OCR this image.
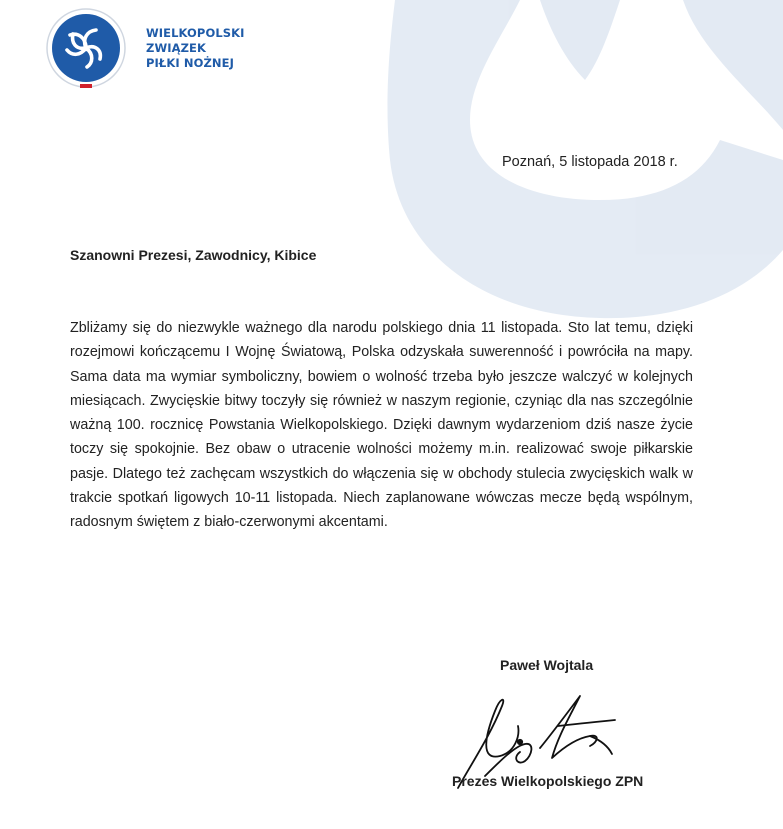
WIELKOPOLSKI
ZWIĄZEK
PIŁKI NOŻNEJ
Poznań, 5 listopada 2018 r.
Szanowni Prezesi, Zawodnicy, Kibice

Zbliżamy się do niezwykle ważnego dla narodu polskiego dnia 11 listopada. Sto lat temu, dzięki rozejmowi kończącemu I Wojnę Światową, Polska odzyskała suwerenność i powróciła na mapy. Sama data ma wymiar symboliczny, bowiem o wolność trzeba było jeszcze walczyć w kolejnych miesiącach. Zwycięskie bitwy toczyły się również w naszym regionie, czyniąc dla nas szczególnie ważną 100. rocznicę Powstania Wielkopolskiego. Dzięki dawnym wydarzeniom dziś nasze życie toczy się spokojnie. Bez obaw o utracenie wolności możemy m.in. realizować swoje piłkarskie pasje. Dlatego też zachęcam wszystkich do włączenia się w obchody stulecia zwycięskich walk w trakcie spotkań ligowych 10-11 listopada. Niech zaplanowane wówczas mecze będą wspólnym, radosnym świętem z biało-czerwonymi akcentami.

Paweł Wojtala
Prezes Wielkopolskiego ZPN
